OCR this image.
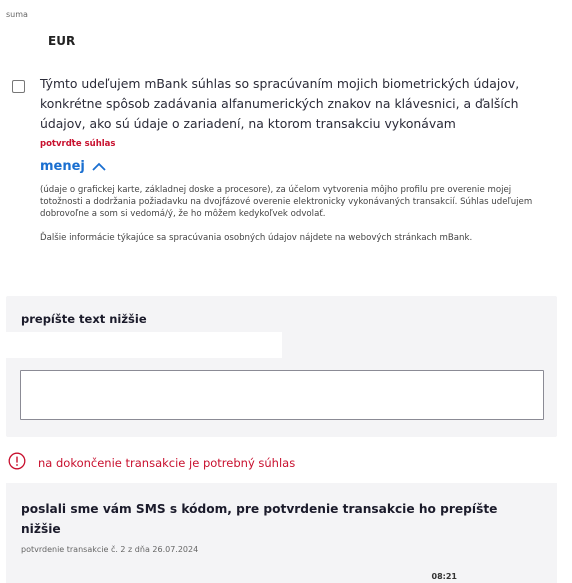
suma
EUR
Týmto udeľujem mBank súhlas so spracúvaním mojich biometrických údajov, konkrétne spôsob zadávania alfanumerických znakov na klávesnici, a ďalších údajov, ako sú údaje o zariadení, na ktorom transakciu vykonávam
potvrďte súhlas
menej

(údaje o grafickej karte, základnej doske a procesore), za účelom vytvorenia môjho profilu pre overenie mojej totožnosti a dodržania požiadavku na dvojfázové overenie elektronicky vykonávaných transakcií. Súhlas udeľujem dobrovoľne a som si vedomá/ý, že ho môžem kedykoľvek odvolať.

Ďalšie informácie týkajúce sa spracúvania osobných údajov nájdete na webových stránkach mBank.

prepíšte text nižšie
na dokončenie transakcie je potrebný súhlas
poslali sme vám SMS s kódom, pre potvrdenie transakcie ho prepíšte nižšie
potvrdenie transakcie č. 2 z dňa 26.07.2024
08:21
